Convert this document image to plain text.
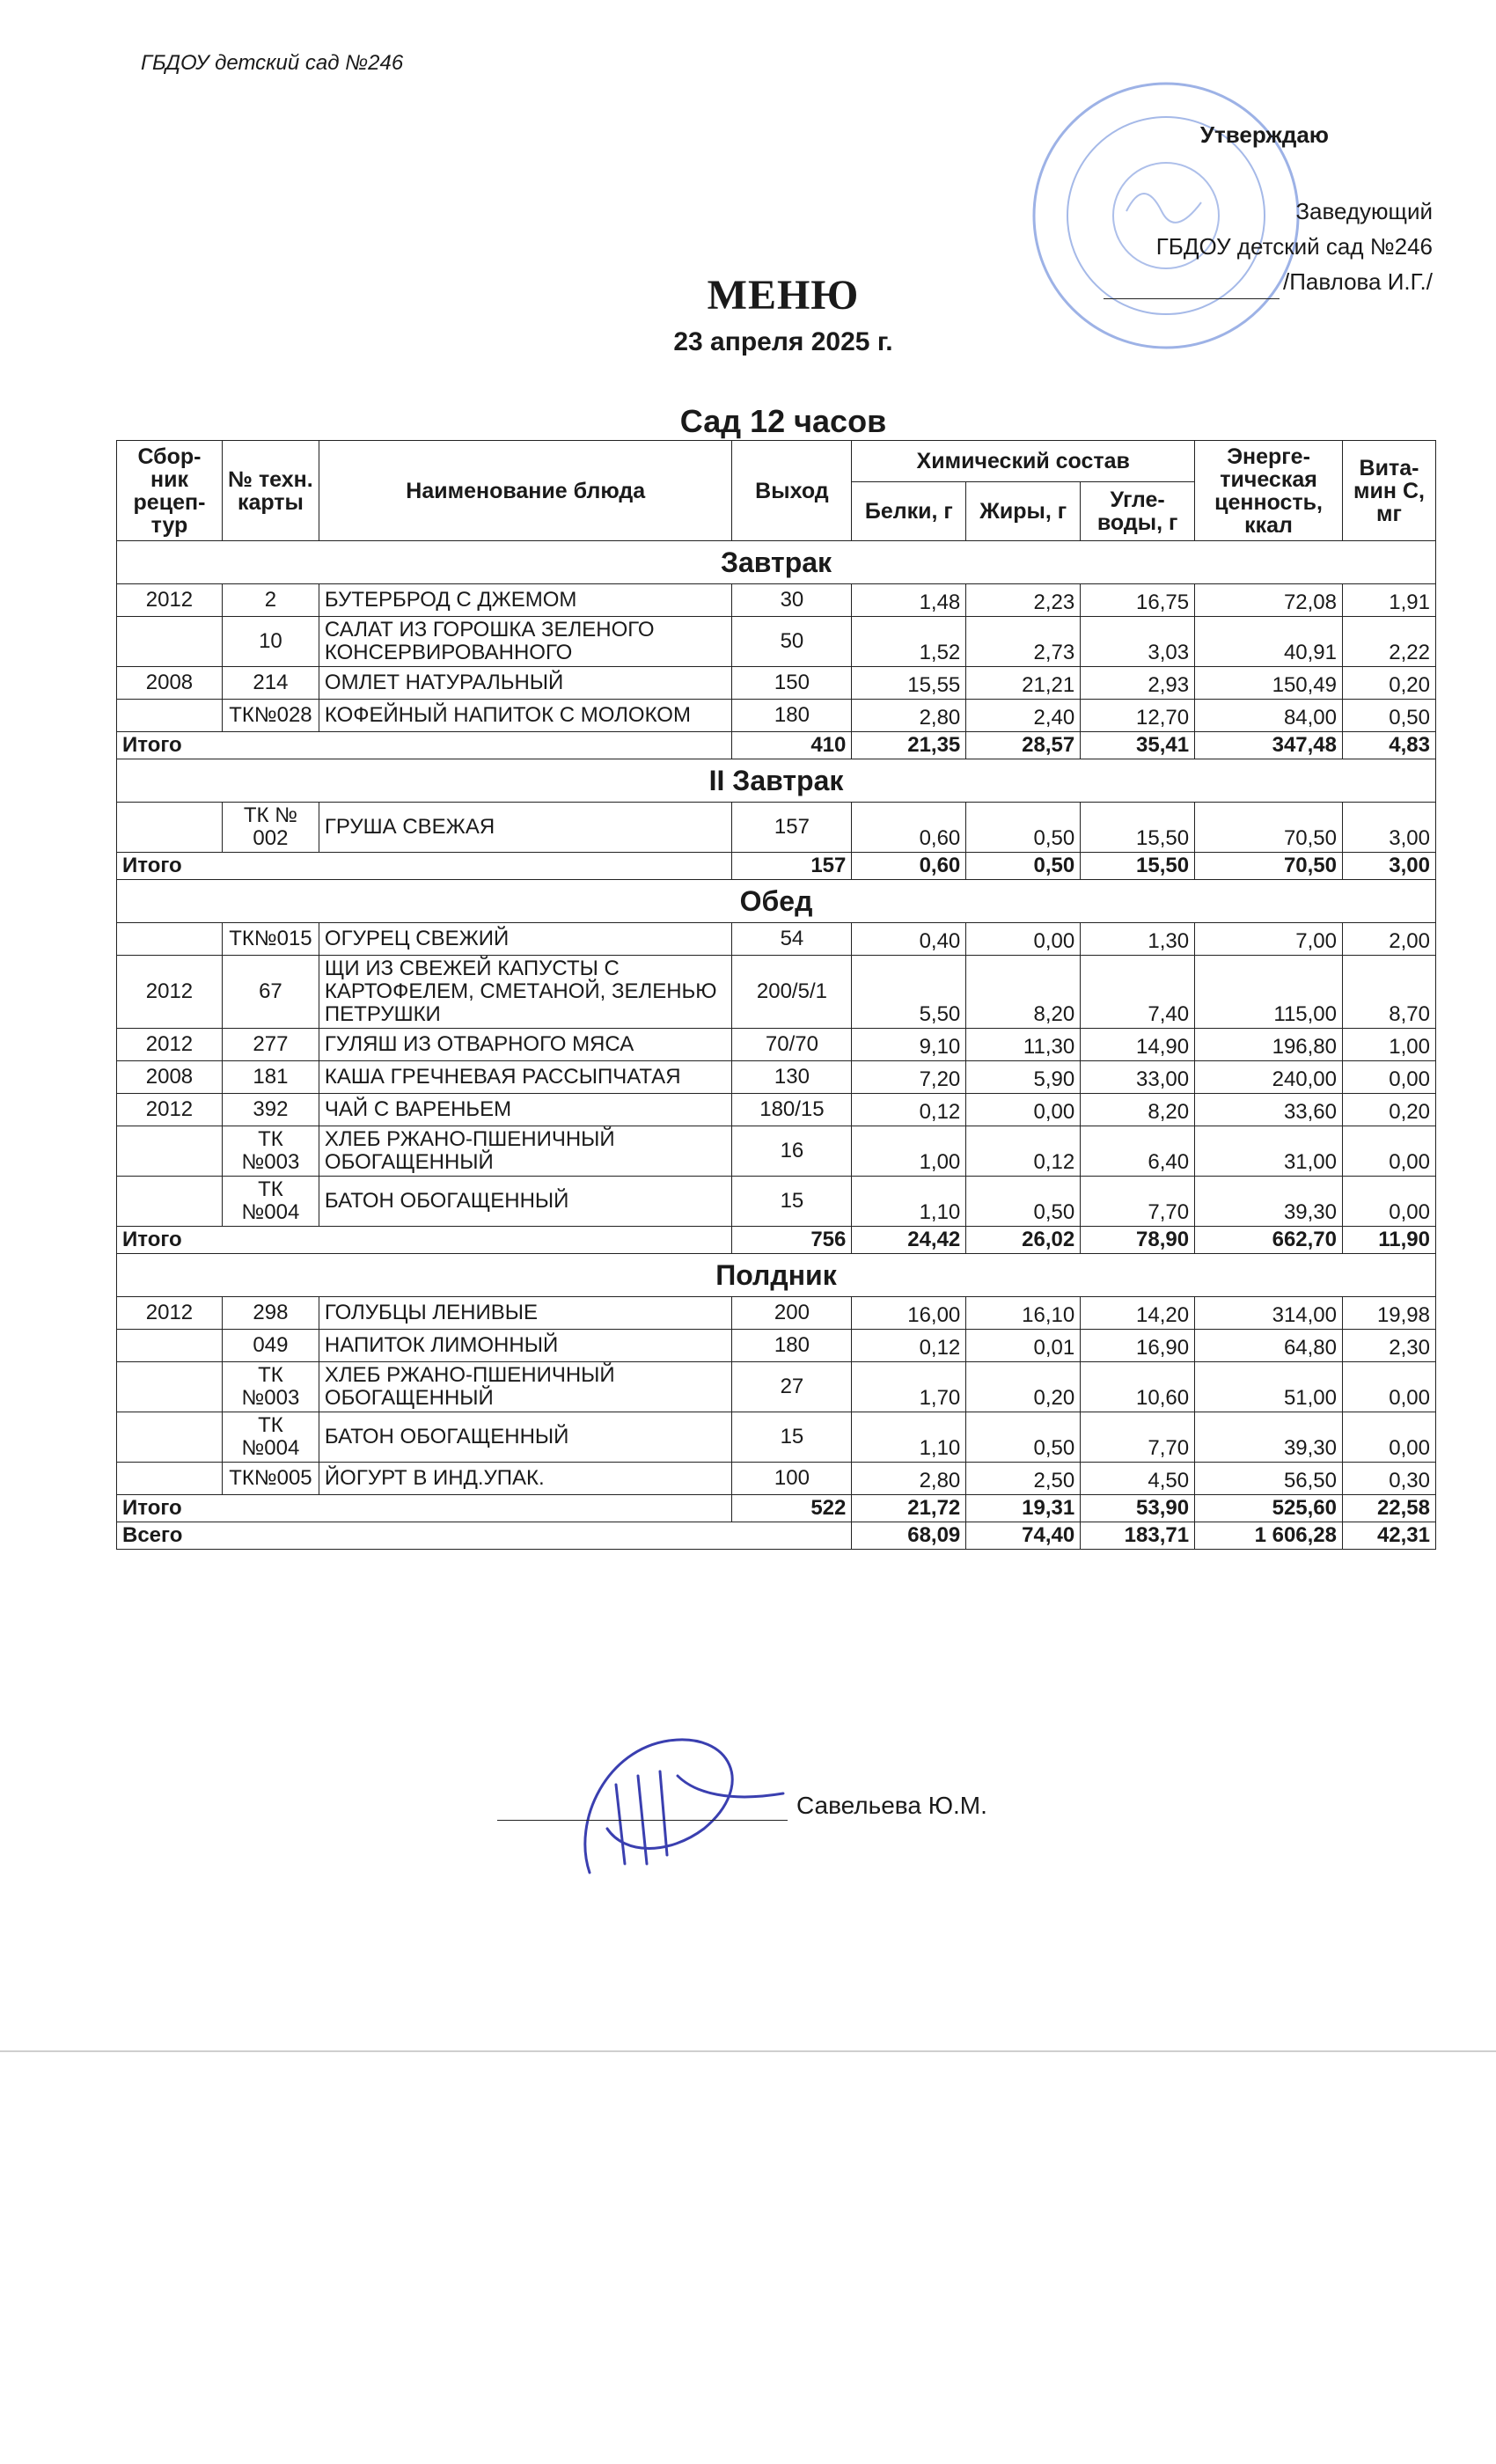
ГБДОУ детский сад №246
Утверждаю
Заведующий
ГБДОУ детский сад №246
/Павлова И.Г./
МЕНЮ
23 апреля 2025 г.
Сад 12 часов
Сбор-ник рецеп-тур	№ техн. карты	Наименование блюда	Выход	Химический состав			Энерге-тическая ценность, ккал	Вита-мин С, мг
				Белки, г	Жиры, г	Угле-воды, г		
Завтрак								
2012	2	БУТЕРБРОД С ДЖЕМОМ	30	1,48	2,23	16,75	72,08	1,91
	10	САЛАТ ИЗ ГОРОШКА ЗЕЛЕНОГО КОНСЕРВИРОВАННОГО	50	1,52	2,73	3,03	40,91	2,22
2008	214	ОМЛЕТ НАТУРАЛЬНЫЙ	150	15,55	21,21	2,93	150,49	0,20
	ТК№028	КОФЕЙНЫЙ НАПИТОК С МОЛОКОМ	180	2,80	2,40	12,70	84,00	0,50
Итого			410	21,35	28,57	35,41	347,48	4,83
II Завтрак								
	ТК № 002	ГРУША СВЕЖАЯ	157	0,60	0,50	15,50	70,50	3,00
Итого			157	0,60	0,50	15,50	70,50	3,00
Обед								
	ТК№015	ОГУРЕЦ СВЕЖИЙ	54	0,40	0,00	1,30	7,00	2,00
2012	67	ЩИ ИЗ СВЕЖЕЙ КАПУСТЫ С КАРТОФЕЛЕМ, СМЕТАНОЙ, ЗЕЛЕНЬЮ ПЕТРУШКИ	200/5/1	5,50	8,20	7,40	115,00	8,70
2012	277	ГУЛЯШ ИЗ ОТВАРНОГО МЯСА	70/70	9,10	11,30	14,90	196,80	1,00
2008	181	КАША ГРЕЧНЕВАЯ РАССЫПЧАТАЯ	130	7,20	5,90	33,00	240,00	0,00
2012	392	ЧАЙ С ВАРЕНЬЕМ	180/15	0,12	0,00	8,20	33,60	0,20
	ТК №003	ХЛЕБ РЖАНО-ПШЕНИЧНЫЙ ОБОГАЩЕННЫЙ	16	1,00	0,12	6,40	31,00	0,00
	ТК №004	БАТОН ОБОГАЩЕННЫЙ	15	1,10	0,50	7,70	39,30	0,00
Итого			756	24,42	26,02	78,90	662,70	11,90
Полдник								
2012	298	ГОЛУБЦЫ ЛЕНИВЫЕ	200	16,00	16,10	14,20	314,00	19,98
	049	НАПИТОК ЛИМОННЫЙ	180	0,12	0,01	16,90	64,80	2,30
	ТК №003	ХЛЕБ РЖАНО-ПШЕНИЧНЫЙ ОБОГАЩЕННЫЙ	27	1,70	0,20	10,60	51,00	0,00
	ТК №004	БАТОН ОБОГАЩЕННЫЙ	15	1,10	0,50	7,70	39,30	0,00
	ТК№005	ЙОГУРТ В ИНД.УПАК.	100	2,80	2,50	4,50	56,50	0,30
Итого			522	21,72	19,31	53,90	525,60	22,58
Всего				68,09	74,40	183,71	1 606,28	42,31
Савельева Ю.М.
